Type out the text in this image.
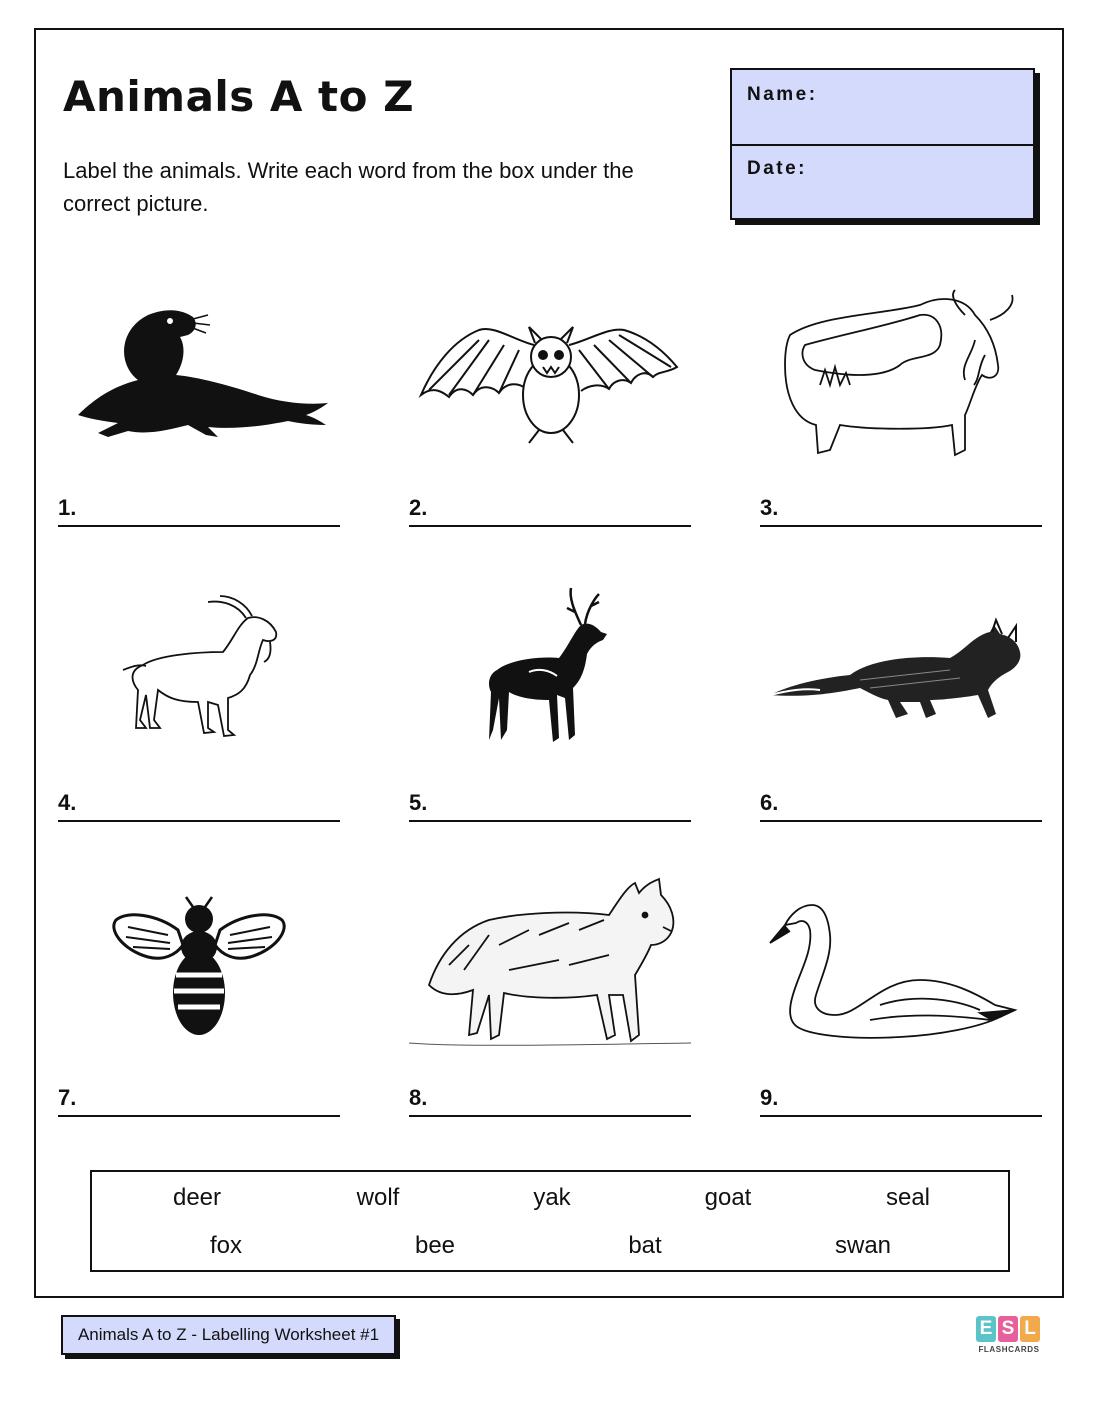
Animals A to Z

Label the animals. Write each word from the box under the correct picture.

Name:
Date:
1.	2.	3.
4.	5.	6.
7.	8.	9.
deer	wolf	yak	goat	seal
fox	bee	bat	swan
Animals A to Z - Labelling Worksheet #1	E S L
FLASHCARDS
